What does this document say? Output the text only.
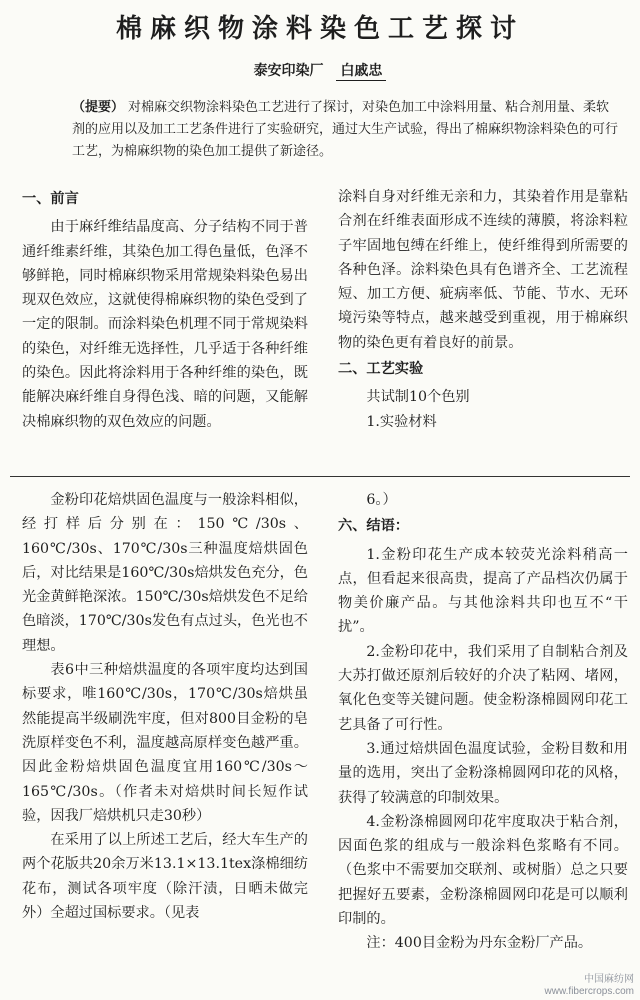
棉麻织物涂料染色工艺探讨
泰安印染厂 白戚忠

（提要） 对棉麻交织物涂料染色工艺进行了探讨，对染色加工中涂料用量、粘合剂用量、柔软剂的应用以及加工工艺条件进行了实验研究，通过大生产试验，得出了棉麻织物涂料染色的可行工艺，为棉麻织物的染色加工提供了新途径。

一、前言

由于麻纤维结晶度高、分子结构不同于普通纤维素纤维，其染色加工得色量低，色泽不够鲜艳，同时棉麻织物采用常规染料染色易出现双色效应，这就使得棉麻织物的染色受到了一定的限制。而涂料染色机理不同于常规染料的染色，对纤维无选择性，几乎适于各种纤维的染色。因此将涂料用于各种纤维的染色，既能解决麻纤维自身得色浅、暗的问题，又能解决棉麻织物的双色效应的问题。

涂料自身对纤维无亲和力，其染着作用是靠粘合剂在纤维表面形成不连续的薄膜，将涂料粒子牢固地包缚在纤维上，使纤维得到所需要的各种色泽。涂料染色具有色谱齐全、工艺流程短、加工方便、疵病率低、节能、节水、无环境污染等特点，越来越受到重视，用于棉麻织物的染色更有着良好的前景。

二、工艺实验

共试制10个色别

1.实验材料

金粉印花焙烘固色温度与一般涂料相似，经打样后分别在：150℃/30s、160℃/30s、170℃/30s三种温度焙烘固色后，对比结果是160℃/30s焙烘发色充分，色光金黄鲜艳深浓。150℃/30s焙烘发色不足给色暗淡，170℃/30s发色有点过头，色光也不理想。

表6中三种焙烘温度的各项牢度均达到国标要求，唯160℃/30s，170℃/30s焙烘虽然能提高半级刷洗牢度，但对800目金粉的皂洗原样变色不利，温度越高原样变色越严重。因此金粉焙烘固色温度宜用160℃/30s～165℃/30s。（作者未对焙烘时间长短作试验，因我厂焙烘机只走30秒）

在采用了以上所述工艺后，经大车生产的两个花版共20余万米13.1×13.1tex涤棉细纺花布，测试各项牢度（除汗渍，日晒未做完外）全超过国标要求。（见表

6。）

六、结语：

1.金粉印花生产成本较荧光涂料稍高一点，但看起来很高贵，提高了产品档次仍属于物美价廉产品。与其他涂料共印也互不“干扰”。

2.金粉印花中，我们采用了自制粘合剂及大苏打做还原剂后较好的介决了粘网、堵网，氧化色变等关键问题。使金粉涤棉圆网印花工艺具备了可行性。

3.通过焙烘固色温度试验，金粉目数和用量的选用，突出了金粉涤棉圆网印花的风格，获得了较满意的印制效果。

4.金粉涤棉圆网印花牢度取决于粘合剂，因面色浆的组成与一般涂料色浆略有不同。（色浆中不需要加交联剂、或树脂）总之只要把握好五要素，金粉涤棉圆网印花是可以顺利印制的。

注：400目金粉为丹东金粉厂产品。

中国麻纺网
www.fibercrops.com
